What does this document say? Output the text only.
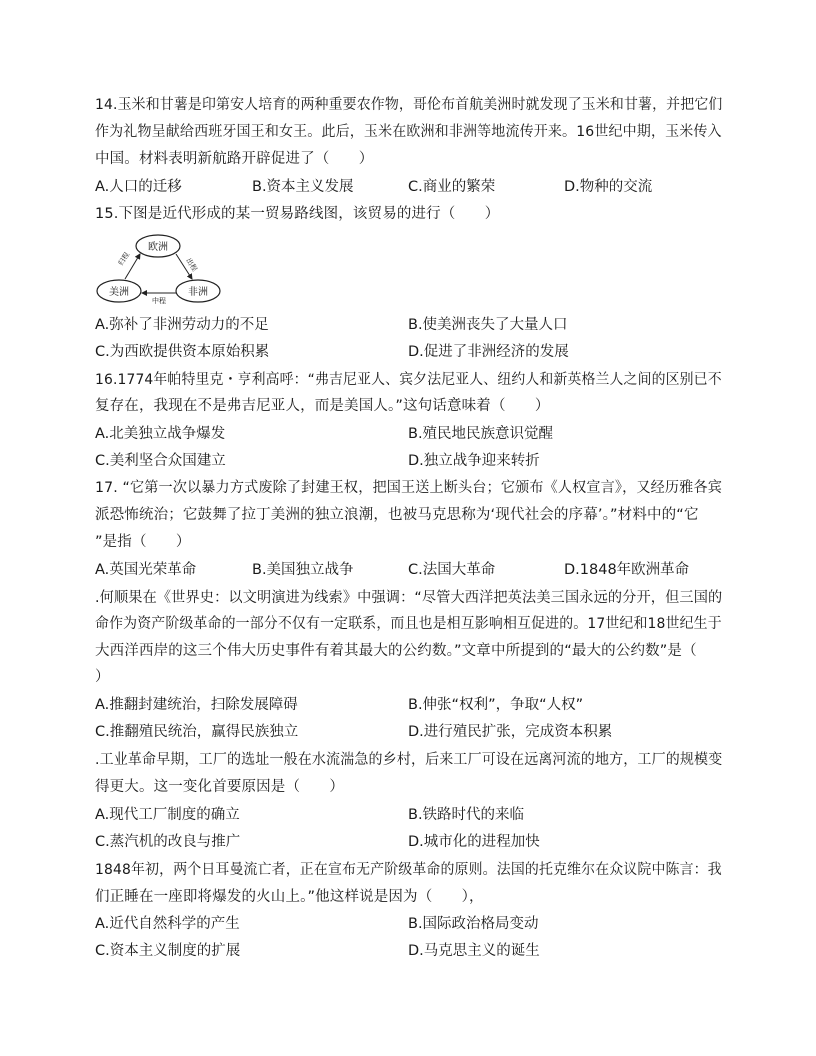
14.玉米和甘薯是印第安人培育的两种重要农作物，哥伦布首航美洲时就发现了玉米和甘薯，并把它们
作为礼物呈献给西班牙国王和女王。此后，玉米在欧洲和非洲等地流传开来。16世纪中期，玉米传入
中国。材料表明新航路开辟促进了（　　）
A.人口的迁移	B.资本主义发展	C.商业的繁荣	D.物种的交流
15.下图是近代形成的某一贸易路线图，该贸易的进行（　　）
欧洲
美洲	非洲
归程	出程
中程
A.弥补了非洲劳动力的不足	B.使美洲丧失了大量人口
C.为西欧提供资本原始积累	D.促进了非洲经济的发展
16.1774年帕特里克・亨利高呼：“弗吉尼亚人、宾夕法尼亚人、纽约人和新英格兰人之间的区别已不
复存在，我现在不是弗吉尼亚人，而是美国人。”这句话意味着（　　）
A.北美独立战争爆发	B.殖民地民族意识觉醒
C.美利坚合众国建立	D.独立战争迎来转折
17. “它第一次以暴力方式废除了封建王权，把国王送上断头台；它颁布《人权宣言》，又经历雅各宾
派恐怖统治；它鼓舞了拉丁美洲的独立浪潮，也被马克思称为‘现代社会的序幕’。”材料中的“它
”是指（　　）
A.英国光荣革命	B.美国独立战争	C.法国大革命	D.1848年欧洲革命
.何顺果在《世界史：以文明演进为线索》中强调：“尽管大西洋把英法美三国永远的分开，但三国的
命作为资产阶级革命的一部分不仅有一定联系，而且也是相互影响相互促进的。17世纪和18世纪生于
大西洋西岸的这三个伟大历史事件有着其最大的公约数。”文章中所提到的“最大的公约数”是（
）
A.推翻封建统治，扫除发展障碍	B.伸张“权利”，争取“人权”
C.推翻殖民统治，赢得民族独立	D.进行殖民扩张，完成资本积累
.工业革命早期，工厂的选址一般在水流湍急的乡村，后来工厂可设在远离河流的地方，工厂的规模变
得更大。这一变化首要原因是（　　）
A.现代工厂制度的确立	B.铁路时代的来临
C.蒸汽机的改良与推广	D.城市化的进程加快
1848年初，两个日耳曼流亡者，正在宣布无产阶级革命的原则。法国的托克维尔在众议院中陈言：我
们正睡在一座即将爆发的火山上。”他这样说是因为（　　），
A.近代自然科学的产生	B.国际政治格局变动
C.资本主义制度的扩展	D.马克思主义的诞生
